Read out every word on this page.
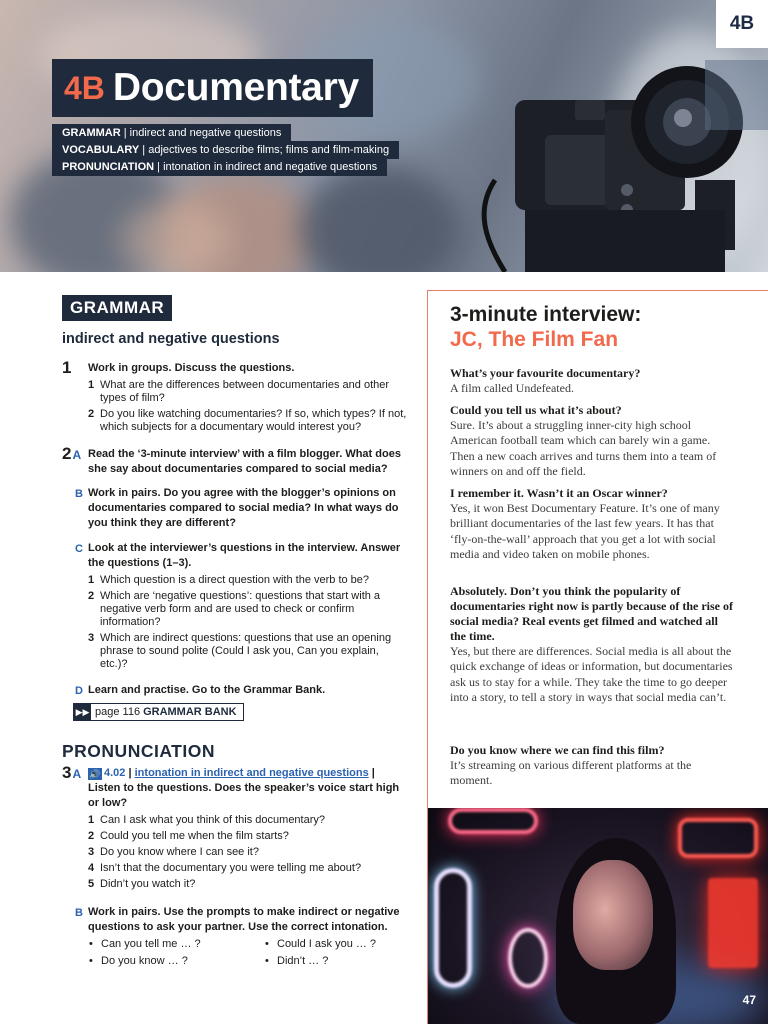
4B
4B Documentary
GRAMMAR | indirect and negative questions
VOCABULARY | adjectives to describe films; films and film-making
PRONUNCIATION | intonation in indirect and negative questions
GRAMMAR
indirect and negative questions
1 Work in groups. Discuss the questions.
1 What are the differences between documentaries and other types of film?
2 Do you like watching documentaries? If so, which types? If not, which subjects for a documentary would interest you?
2A Read the ‘3-minute interview’ with a film blogger. What does she say about documentaries compared to social media?
B Work in pairs. Do you agree with the blogger’s opinions on documentaries compared to social media? In what ways do you think they are different?
C Look at the interviewer’s questions in the interview. Answer the questions (1–3).
1 Which question is a direct question with the verb to be?
2 Which are ‘negative questions’: questions that start with a negative verb form and are used to check or confirm information?
3 Which are indirect questions: questions that use an opening phrase to sound polite (Could I ask you, Can you explain, etc.)?
D Learn and practise. Go to the Grammar Bank.
▶▶ page 116 GRAMMAR BANK
PRONUNCIATION
3A 🔊 4.02 | intonation in indirect and negative questions | Listen to the questions. Does the speaker’s voice start high or low?
1 Can I ask what you think of this documentary?
2 Could you tell me when the film starts?
3 Do you know where I can see it?
4 Isn’t that the documentary you were telling me about?
5 Didn’t you watch it?
B Work in pairs. Use the prompts to make indirect or negative questions to ask your partner. Use the correct intonation.
• Can you tell me … ?
• Do you know … ?
• Could I ask you … ?
• Didn’t … ?
3-minute interview:
JC, The Film Fan
What’s your favourite documentary?
A film called Undefeated.
Could you tell us what it’s about?
Sure. It’s about a struggling inner-city high school American football team which can barely win a game. Then a new coach arrives and turns them into a team of winners on and off the field.
I remember it. Wasn’t it an Oscar winner?
Yes, it won Best Documentary Feature. It’s one of many brilliant documentaries of the last few years. It has that ‘fly-on-the-wall’ approach that you get a lot with social media and video taken on mobile phones.
Absolutely. Don’t you think the popularity of documentaries right now is partly because of the rise of social media? Real events get filmed and watched all the time.
Yes, but there are differences. Social media is all about the quick exchange of ideas or information, but documentaries ask us to stay for a while. They take the time to go deeper into a story, to tell a story in ways that social media can’t.
Do you know where we can find this film?
It’s streaming on various different platforms at the moment.
47
